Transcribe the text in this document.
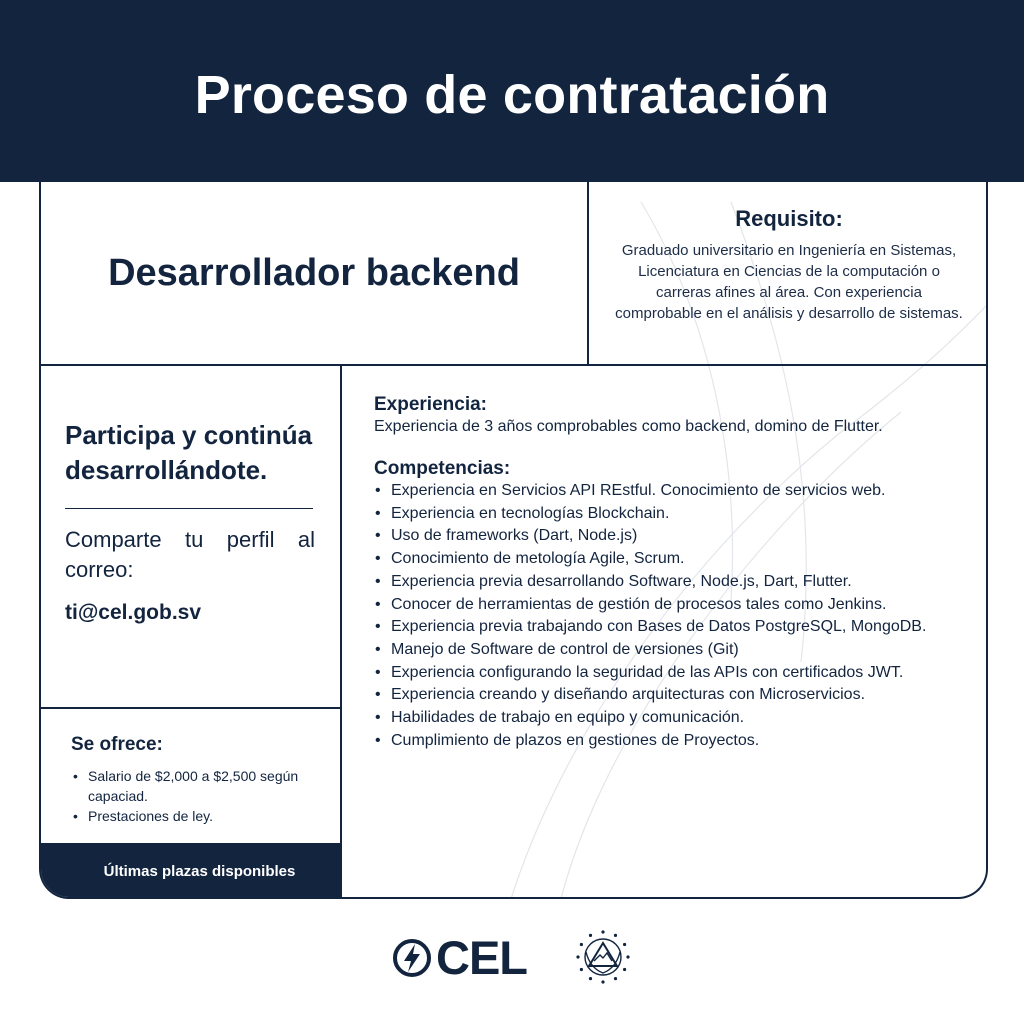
Proceso de contratación
Desarrollador backend
Requisito:
Graduado universitario en Ingeniería en Sistemas, Licenciatura en Ciencias de la computación o carreras afines al área. Con experiencia comprobable en el análisis y desarrollo de sistemas.
Participa y continúa desarrollándote.
Comparte tu perfil al correo:
ti@cel.gob.sv
Se ofrece:
• Salario de $2,000 a $2,500 según capaciad.
• Prestaciones de ley.
Últimas plazas disponibles
Experiencia:
Experiencia de 3 años comprobables como backend, domino de Flutter.
Competencias:
• Experiencia en Servicios API REstful. Conocimiento de servicios web.
• Experiencia en tecnologías Blockchain.
• Uso de frameworks (Dart, Node.js)
• Conocimiento de metología Agile, Scrum.
• Experiencia previa desarrollando Software, Node.js, Dart, Flutter.
• Conocer de herramientas de gestión de procesos tales como Jenkins.
• Experiencia previa trabajando con Bases de Datos PostgreSQL, MongoDB.
• Manejo de Software de control de versiones (Git)
• Experiencia configurando la seguridad de las APIs con certificados JWT.
• Experiencia creando y diseñando arquitecturas con Microservicios.
• Habilidades de trabajo en equipo y comunicación.
• Cumplimiento de plazos en gestiones de Proyectos.
CEL
